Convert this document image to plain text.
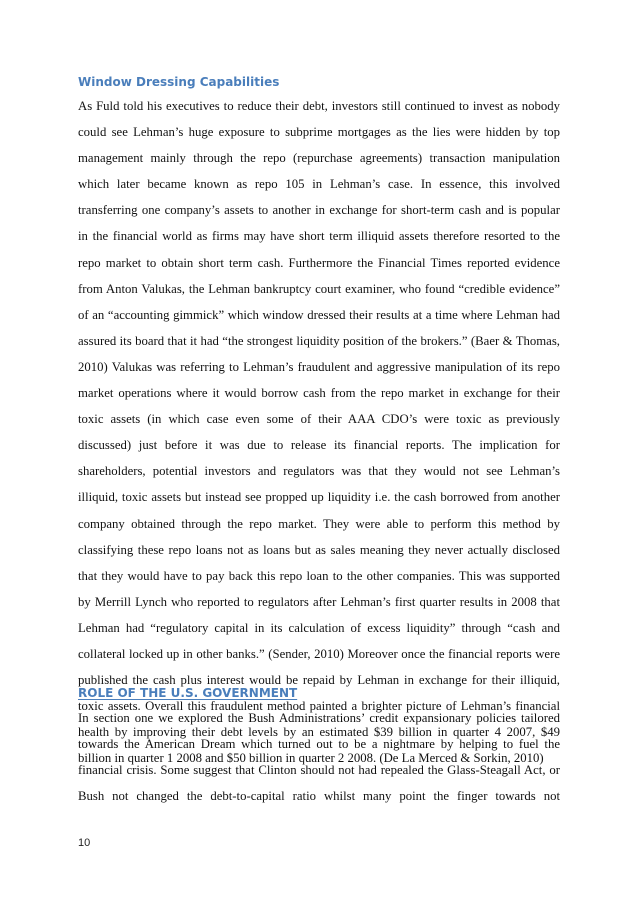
Window Dressing Capabilities
As Fuld told his executives to reduce their debt, investors still continued to invest as nobody
could see Lehman’s huge exposure to subprime mortgages as the lies were hidden by top
management mainly through the repo (repurchase agreements) transaction manipulation
which later became known as repo 105 in Lehman’s case. In essence, this involved
transferring one company’s assets to another in exchange for short-term cash and is popular
in the financial world as firms may have short term illiquid assets therefore resorted to the
repo market to obtain short term cash. Furthermore the Financial Times reported evidence
from Anton Valukas, the Lehman bankruptcy court examiner, who found “credible evidence”
of an “accounting gimmick” which window dressed their results at a time where Lehman had
assured its board that it had “the strongest liquidity position of the brokers.” (Baer & Thomas,
2010) Valukas was referring to Lehman’s fraudulent and aggressive manipulation of its repo
market operations where it would borrow cash from the repo market in exchange for their
toxic assets (in which case even some of their AAA CDO’s were toxic as previously
discussed) just before it was due to release its financial reports. The implication for
shareholders, potential investors and regulators was that they would not see Lehman’s
illiquid, toxic assets but instead see propped up liquidity i.e. the cash borrowed from another
company obtained through the repo market. They were able to perform this method by
classifying these repo loans not as loans but as sales meaning they never actually disclosed
that they would have to pay back this repo loan to the other companies. This was supported
by Merrill Lynch who reported to regulators after Lehman’s first quarter results in 2008 that
Lehman had “regulatory capital in its calculation of excess liquidity” through “cash and
collateral locked up in other banks.” (Sender, 2010) Moreover once the financial reports were
published the cash plus interest would be repaid by Lehman in exchange for their illiquid,
toxic assets. Overall this fraudulent method painted a brighter picture of Lehman’s financial
health by improving their debt levels by an estimated $39 billion in quarter 4 2007, $49
billion in quarter 1 2008 and $50 billion in quarter 2 2008. (De La Merced & Sorkin, 2010)
ROLE OF THE U.S. GOVERNMENT
In section one we explored the Bush Administrations’ credit expansionary policies tailored
towards the American Dream which turned out to be a nightmare by helping to fuel the
financial crisis. Some suggest that Clinton should not had repealed the Glass-Steagall Act, or
Bush not changed the debt-to-capital ratio whilst many point the finger towards not
10
